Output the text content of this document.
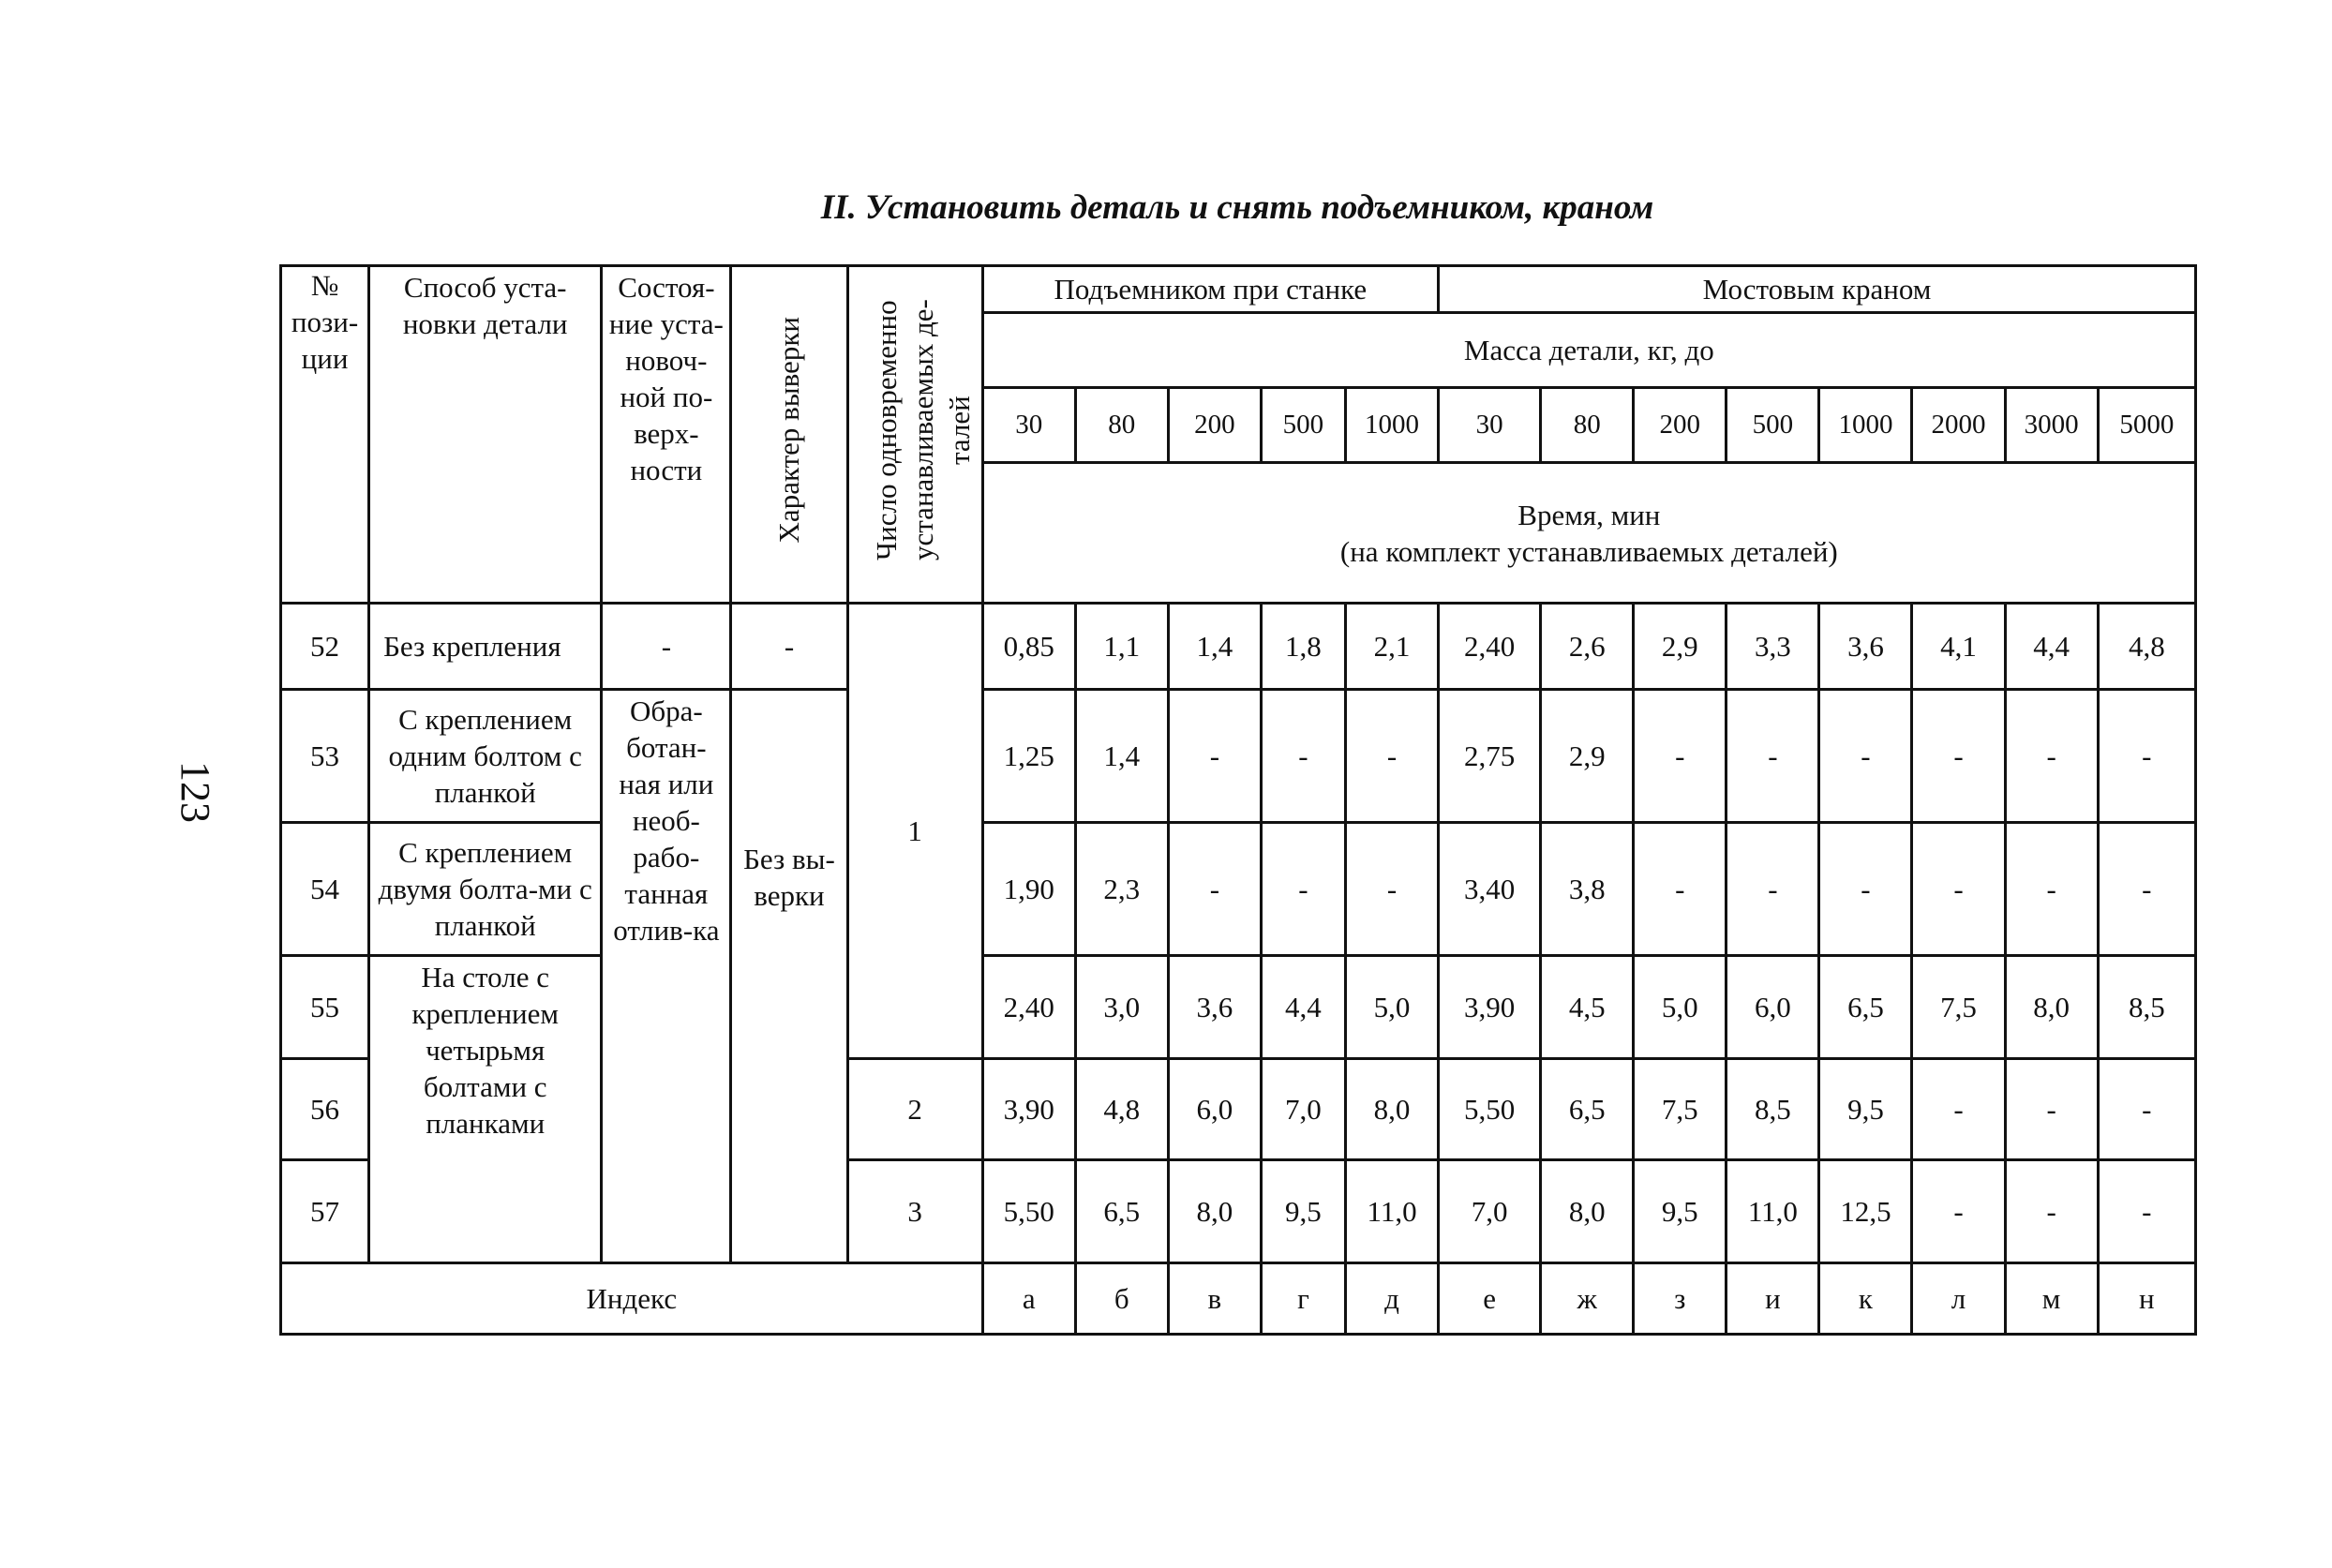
123
II. Установить деталь и снять подъемником, краном
№ пози-ции	Способ уста-новки детали	Состоя-ние уста-новоч-ной по-верх-ности	Характер выверки	Число одновременно устанавливаемых де-талей	Подъемником при станке					Мостовым краном							
					Масса детали, кг, до												
					30	80	200	500	1000	30	80	200	500	1000	2000	3000	5000

					Время, мин
(на комплект устанавливаемых деталей)												

52	Без крепления	-	-	1	0,85	1,1	1,4	1,8	2,1	2,40	2,6	2,9	3,3	3,6	4,1	4,4	4,8
53	С креплением одним болтом с планкой	Обра-ботан-ная или необ-рабо-танная отлив-ка	Без вы-верки		1,25	1,4	-	-	-	2,75	2,9	-	-	-	-	-	-
54	С креплением двумя болта-ми с планкой				1,90	2,3	-	-	-	3,40	3,8	-	-	-	-	-	-
55	На столе с креплением четырьмя болтами с планками				2,40	3,0	3,6	4,4	5,0	3,90	4,5	5,0	6,0	6,5	7,5	8,0	8,5
56				2	3,90	4,8	6,0	7,0	8,0	5,50	6,5	7,5	8,5	9,5	-	-	-
57				3	5,50	6,5	8,0	9,5	11,0	7,0	8,0	9,5	11,0	12,5	-	-	-
Индекс					а	б	в	г	д	е	ж	з	и	к	л	м	н
